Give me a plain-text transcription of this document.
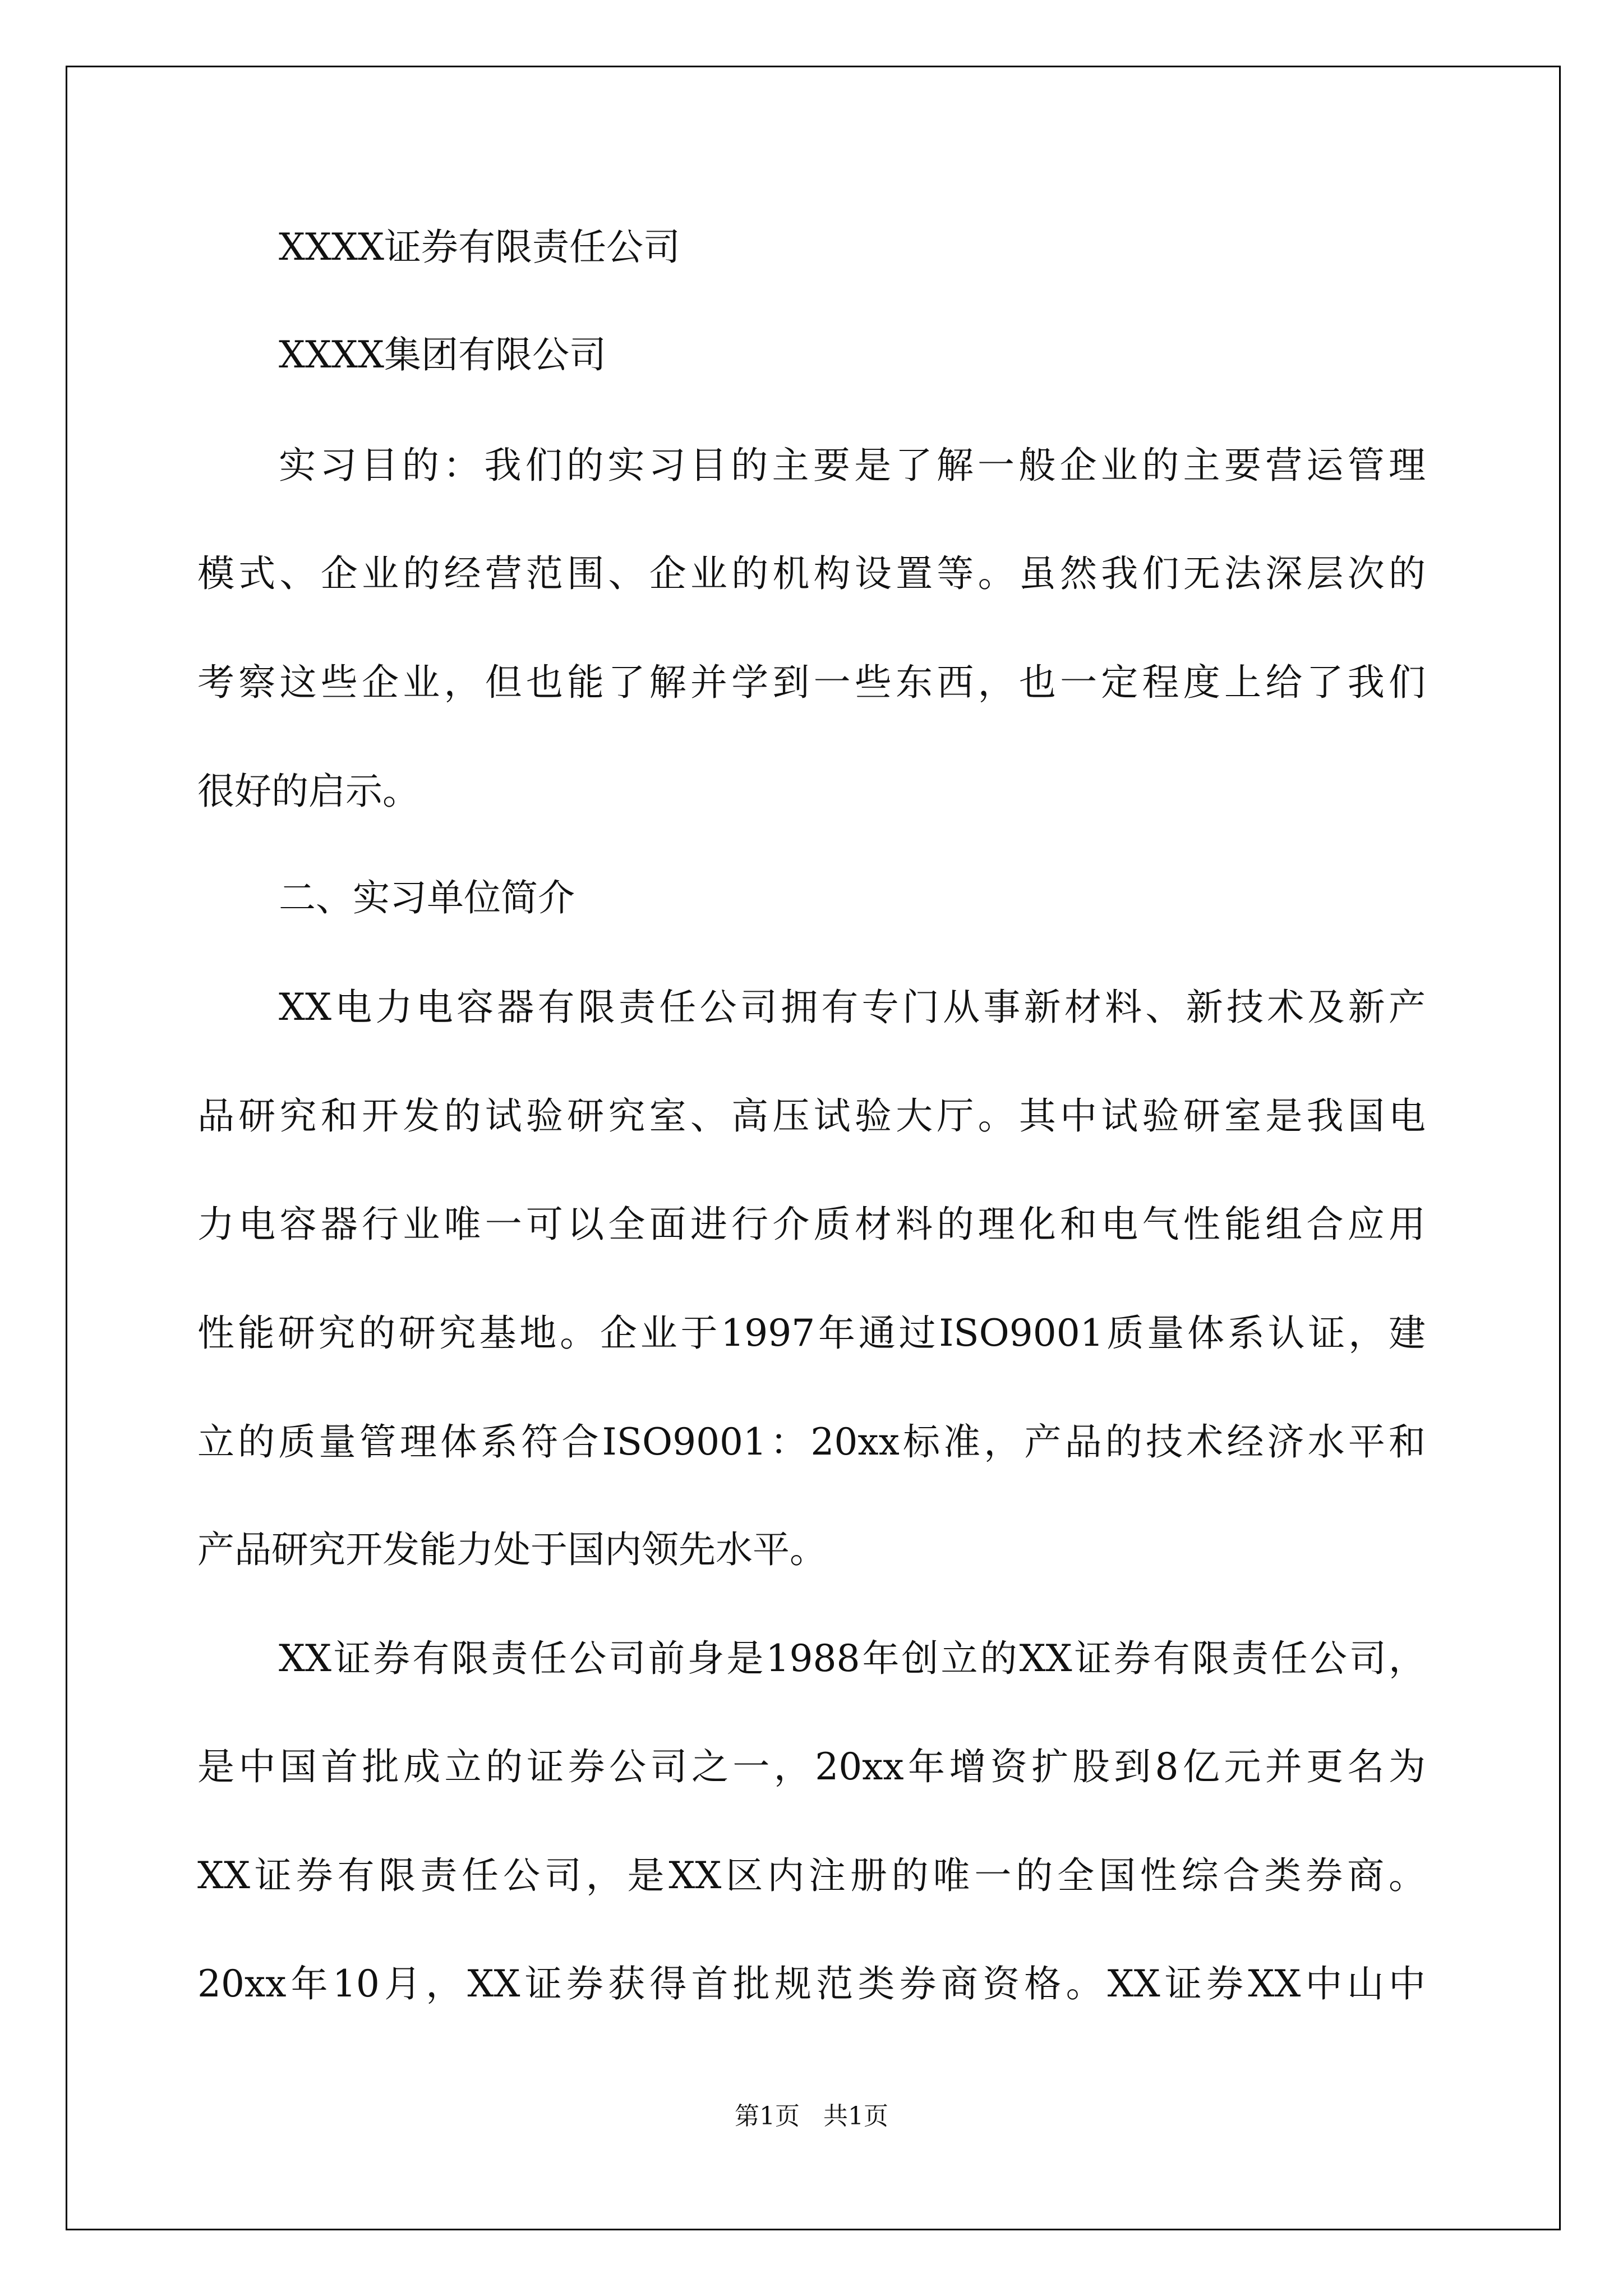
XXXX证券有限责任公司
XXXX集团有限公司
实习目的：我们的实习目的主要是了解一般企业的主要营运管理
模式、企业的经营范围、企业的机构设置等。虽然我们无法深层次的
考察这些企业，但也能了解并学到一些东西，也一定程度上给了我们
很好的启示。
二、实习单位简介
XX电力电容器有限责任公司拥有专门从事新材料、新技术及新产
品研究和开发的试验研究室、高压试验大厅。其中试验研室是我国电
力电容器行业唯一可以全面进行介质材料的理化和电气性能组合应用
性能研究的研究基地。企业于1997年通过ISO9001质量体系认证，建
立的质量管理体系符合ISO9001：20xx标准，产品的技术经济水平和
产品研究开发能力处于国内领先水平。
XX证券有限责任公司前身是1988年创立的XX证券有限责任公司，
是中国首批成立的证券公司之一，20xx年增资扩股到8亿元并更名为
XX证券有限责任公司，是XX区内注册的唯一的全国性综合类券商。
20xx年10月，XX证券获得首批规范类券商资格。XX证券XX中山中
第1页   共1页
